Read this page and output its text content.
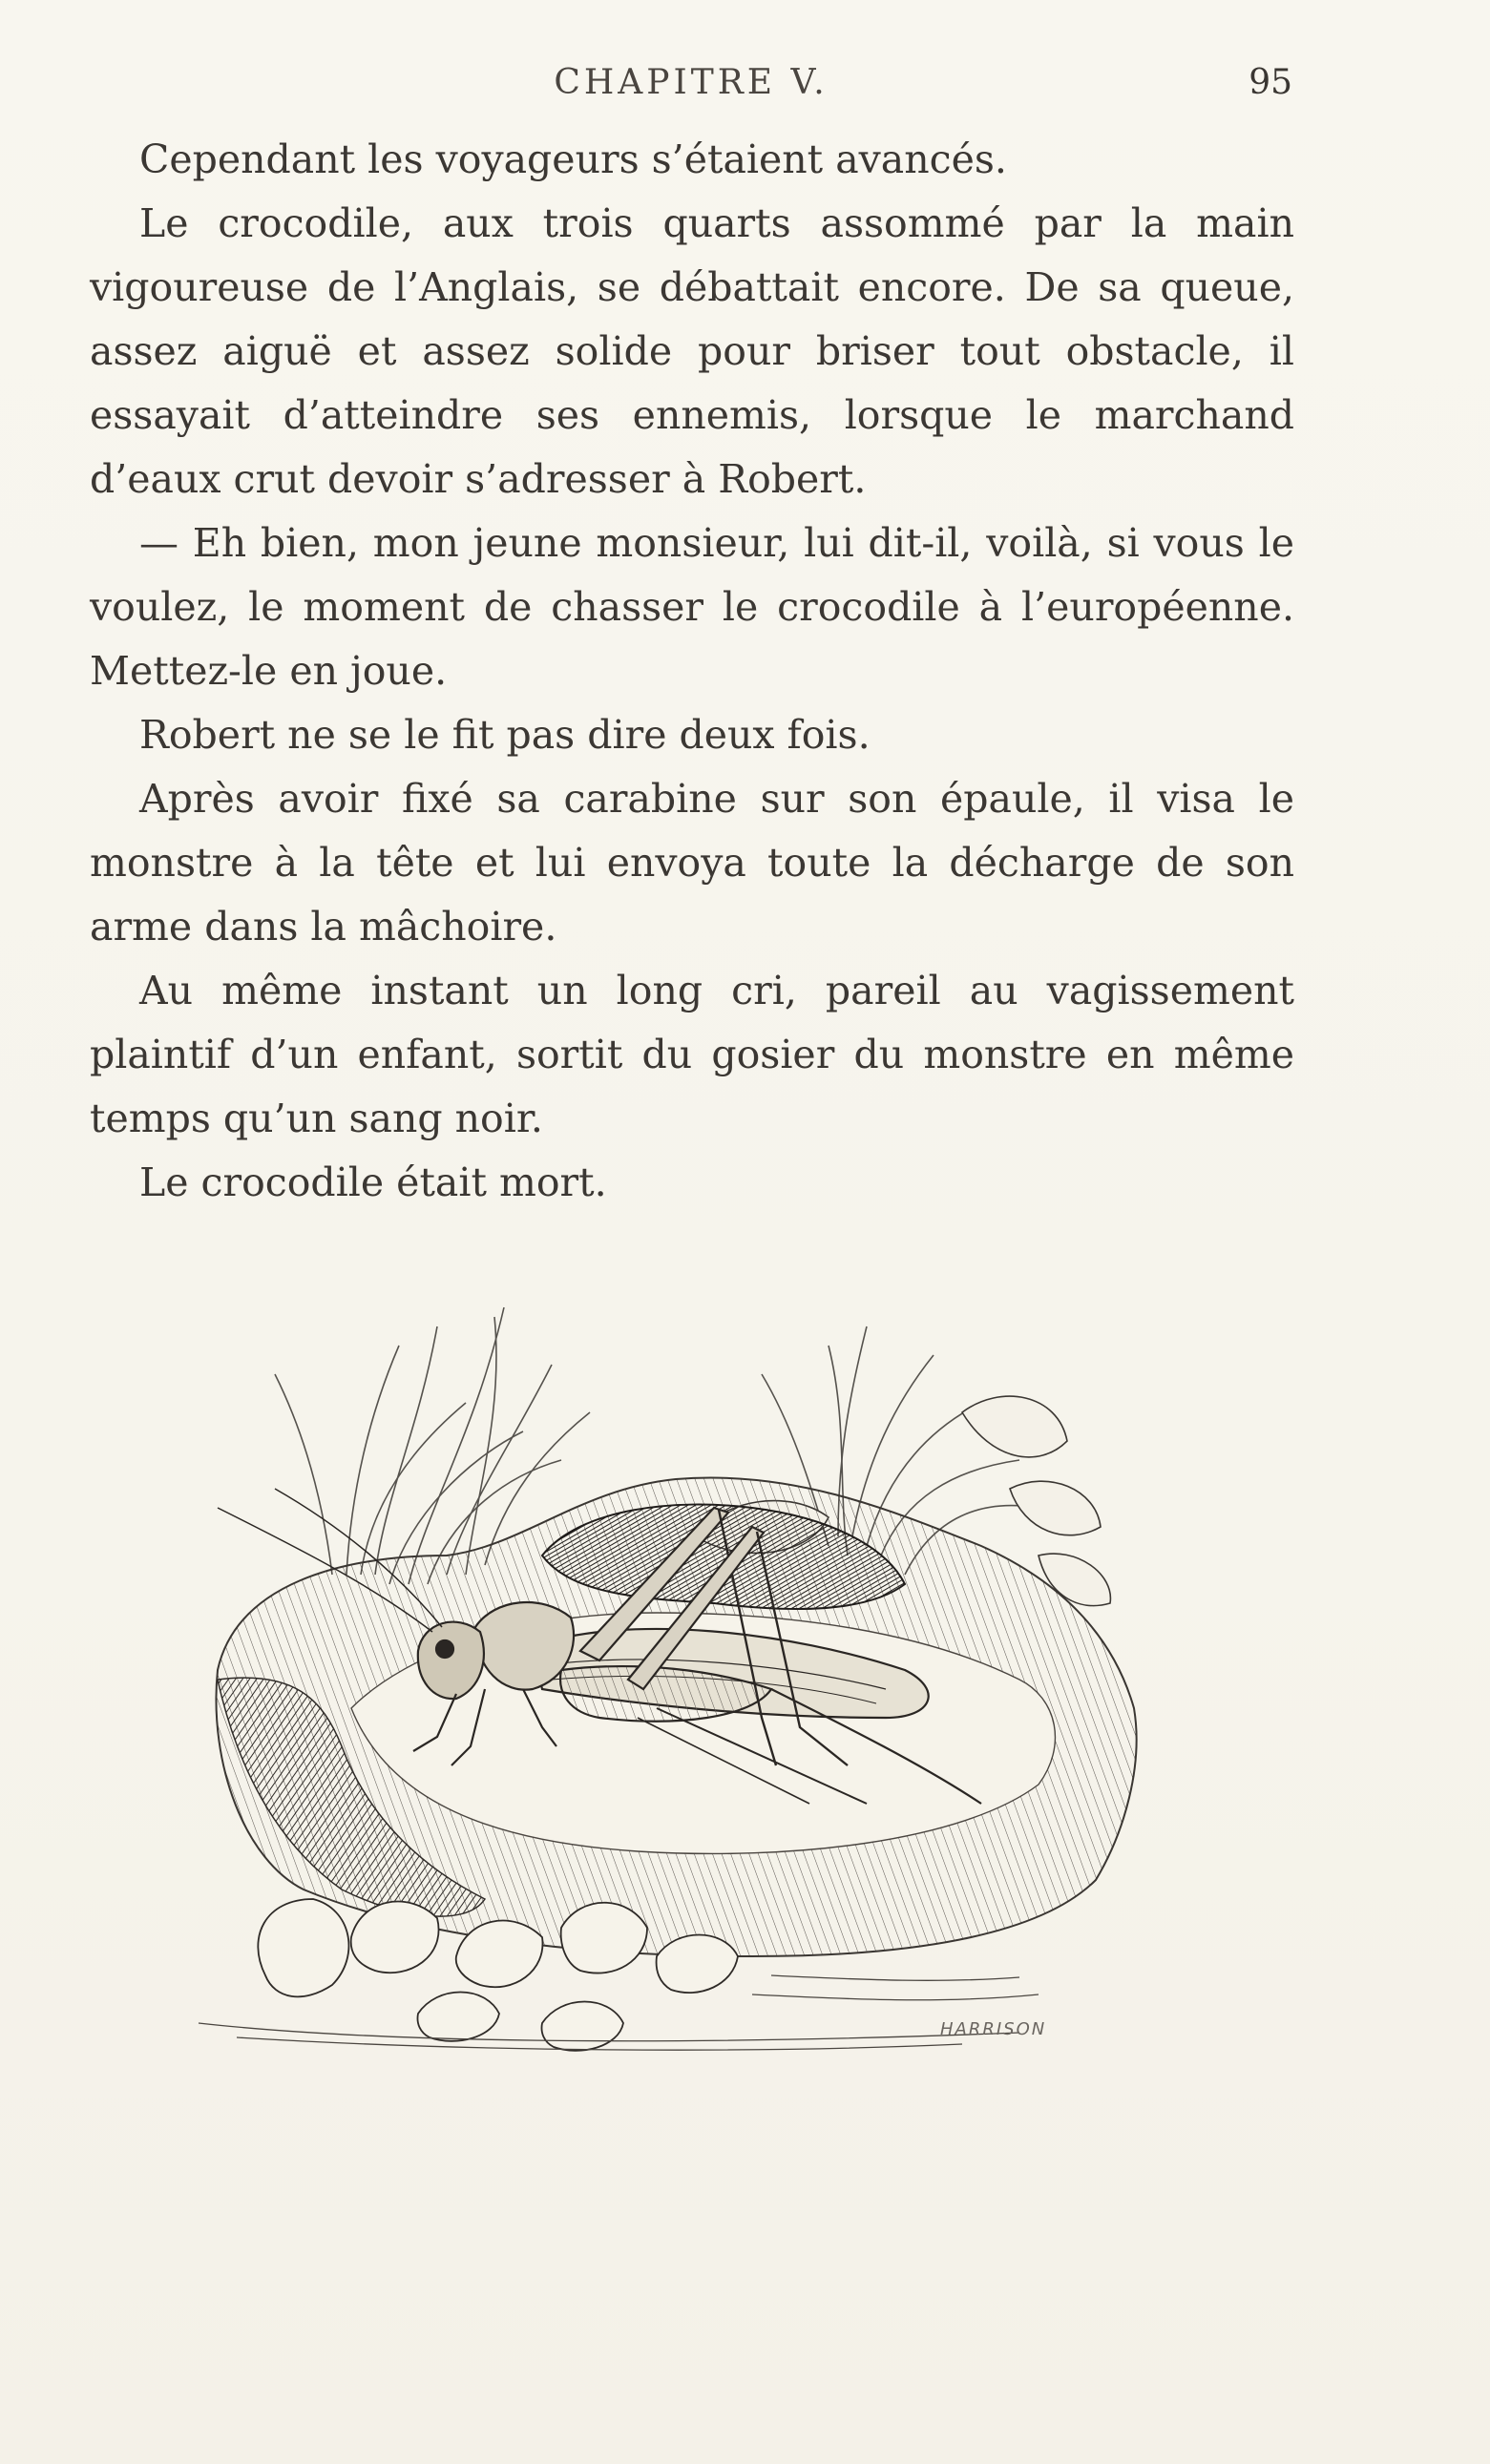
CHAPITRE V.	95

Cependant les voyageurs s’étaient avancés.

Le crocodile, aux trois quarts assommé par la main vigoureuse de l’Anglais, se débattait encore. De sa queue, assez aiguë et assez solide pour briser tout obstacle, il essayait d’atteindre ses ennemis, lorsque le marchand d’eaux crut devoir s’adresser à Robert.

— Eh bien, mon jeune monsieur, lui dit-il, voilà, si vous le voulez, le moment de chasser le crocodile à l’européenne. Mettez-le en joue.

Robert ne se le fit pas dire deux fois.

Après avoir fixé sa carabine sur son épaule, il visa le monstre à la tête et lui envoya toute la décharge de son arme dans la mâchoire.

Au même instant un long cri, pareil au vagissement plaintif d’un enfant, sortit du gosier du monstre en même temps qu’un sang noir.

Le crocodile était mort.

HARRISON
